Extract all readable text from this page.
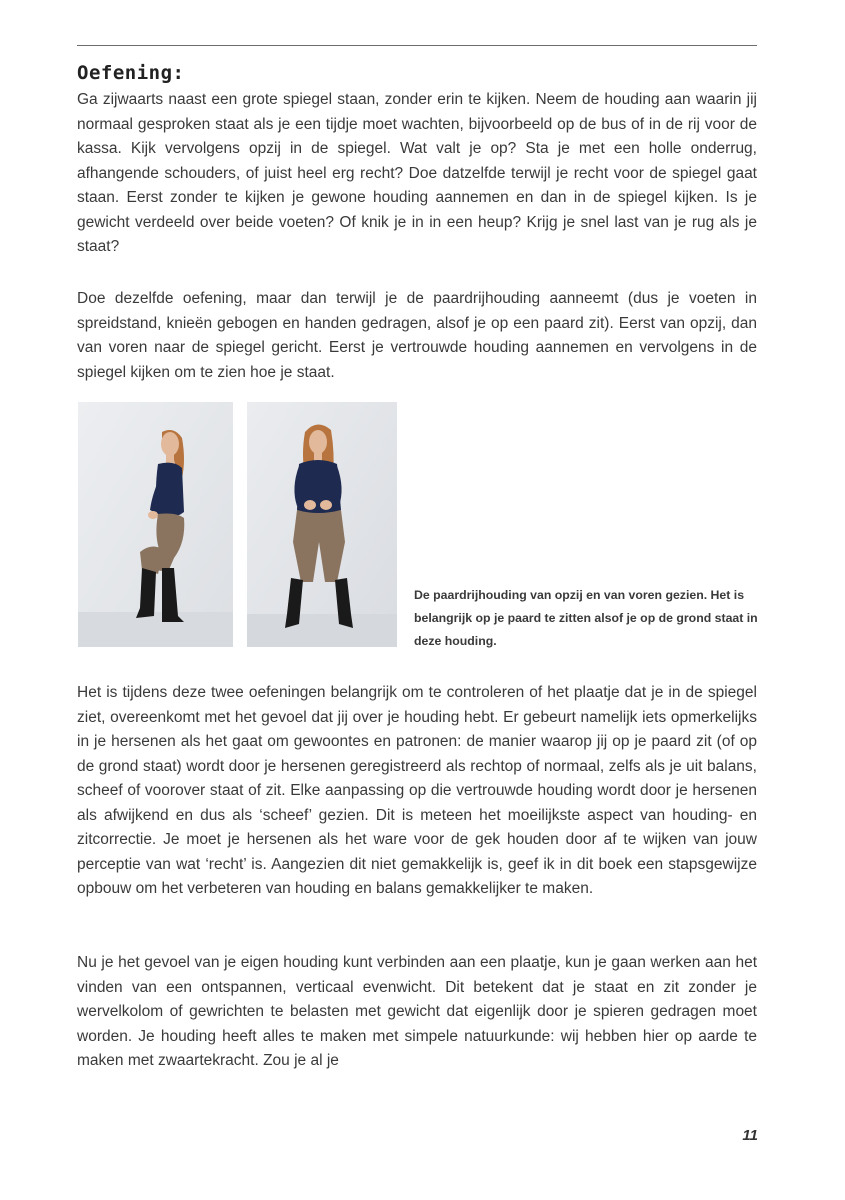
Oefening:

Ga zijwaarts naast een grote spiegel staan, zonder erin te kijken. Neem de houding aan waarin jij normaal gesproken staat als je een tijdje moet wachten, bijvoorbeeld op de bus of in de rij voor de kassa. Kijk vervolgens opzij in de spiegel. Wat valt je op? Sta je met een holle onderrug, afhangende schouders, of juist heel erg recht? Doe datzelfde terwijl je recht voor de spiegel gaat staan. Eerst zonder te kijken je gewone houding aannemen en dan in de spiegel kijken. Is je gewicht verdeeld over beide voeten? Of knik je in in een heup? Krijg je snel last van je rug als je staat?

Doe dezelfde oefening, maar dan terwijl je de paardrijhouding aanneemt (dus je voeten in spreidstand, knieën gebogen en handen gedragen, alsof je op een paard zit). Eerst van opzij, dan van voren naar de spiegel gericht. Eerst je vertrouwde houding aannemen en vervolgens in de spiegel kijken om te zien hoe je staat.

De paardrijhouding van opzij en van voren gezien. Het is belangrijk op je paard te zitten alsof je op de grond staat in deze houding.

Het is tijdens deze twee oefeningen belangrijk om te controleren of het plaatje dat je in de spiegel ziet, overeenkomt met het gevoel dat jij over je houding hebt. Er gebeurt namelijk iets opmerkelijks in je hersenen als het gaat om gewoontes en patronen: de manier waarop jij op je paard zit (of op de grond staat) wordt door je hersenen geregistreerd als rechtop of normaal, zelfs als je uit balans, scheef of voorover staat of zit. Elke aanpassing op die vertrouwde houding wordt door je hersenen als afwijkend en dus als ‘scheef’ gezien. Dit is meteen het moeilijkste aspect van houding- en zitcorrectie. Je moet je hersenen als het ware voor de gek houden door af te wijken van jouw perceptie van wat ‘recht’ is. Aangezien dit niet gemakkelijk is, geef ik in dit boek een stapsgewijze opbouw om het verbeteren van houding en balans gemakkelijker te maken.

Nu je het gevoel van je eigen houding kunt verbinden aan een plaatje, kun je gaan werken aan het vinden van een ontspannen, verticaal evenwicht. Dit betekent dat je staat en zit zonder je wervelkolom of gewrichten te belasten met gewicht dat eigenlijk door je spieren gedragen moet worden. Je houding heeft alles te maken met simpele natuurkunde: wij hebben hier op aarde te maken met zwaartekracht. Zou je al je

11
